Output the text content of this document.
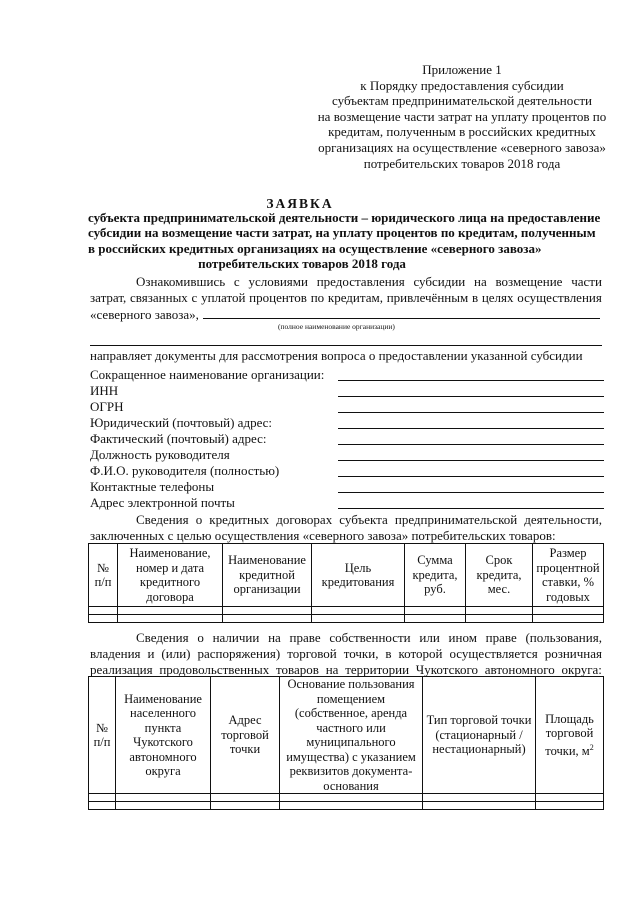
Приложение 1
к Порядку предоставления субсидии
субъектам предпринимательской деятельности
на возмещение части затрат на уплату процентов по
кредитам, полученным в российских кредитных
организациях на осуществление «северного завоза»
потребительских товаров 2018 года
ЗАЯВКА
субъекта предпринимательской деятельности – юридического лица на предоставление
субсидии на возмещение части затрат, на уплату процентов по кредитам, полученным
в российских кредитных организациях на осуществление «северного завоза»
потребительских товаров 2018 года
Ознакомившись с условиями предоставления субсидии на возмещение части
затрат, связанных с уплатой процентов по кредитам, привлечённым в целях осуществления
«северного завоза»,
(полное наименование организации)
направляет документы для рассмотрения вопроса о предоставлении указанной субсидии
Сокращенное наименование организации:
ИНН
ОГРН
Юридический (почтовый) адрес:
Фактический (почтовый) адрес:
Должность руководителя
Ф.И.О. руководителя (полностью)
Контактные телефоны
Адрес электронной почты
Сведения о кредитных договорах субъекта предпринимательской деятельности,
заключенных с целью осуществления «северного завоза» потребительских товаров:
№ п/п	Наименование, номер и дата кредитного договора	Наименование кредитной организации	Цель кредитования	Сумма кредита, руб.	Срок кредита, мес.	Размер процентной ставки, % годовых

Сведения о наличии на праве собственности или ином праве (пользования,
владения и (или) распоряжения) торговой точки, в которой осуществляется розничная
реализация продовольственных товаров на территории Чукотского автономного округа:
№ п/п	Наименование населенного пункта Чукотского автономного округа	Адрес торговой точки	Основание пользования помещением (собственное, аренда частного или муниципального имущества) с указанием реквизитов документа-основания	Тип торговой точки (стационарный / нестационарный)	Площадь торговой точки, $м^2$
